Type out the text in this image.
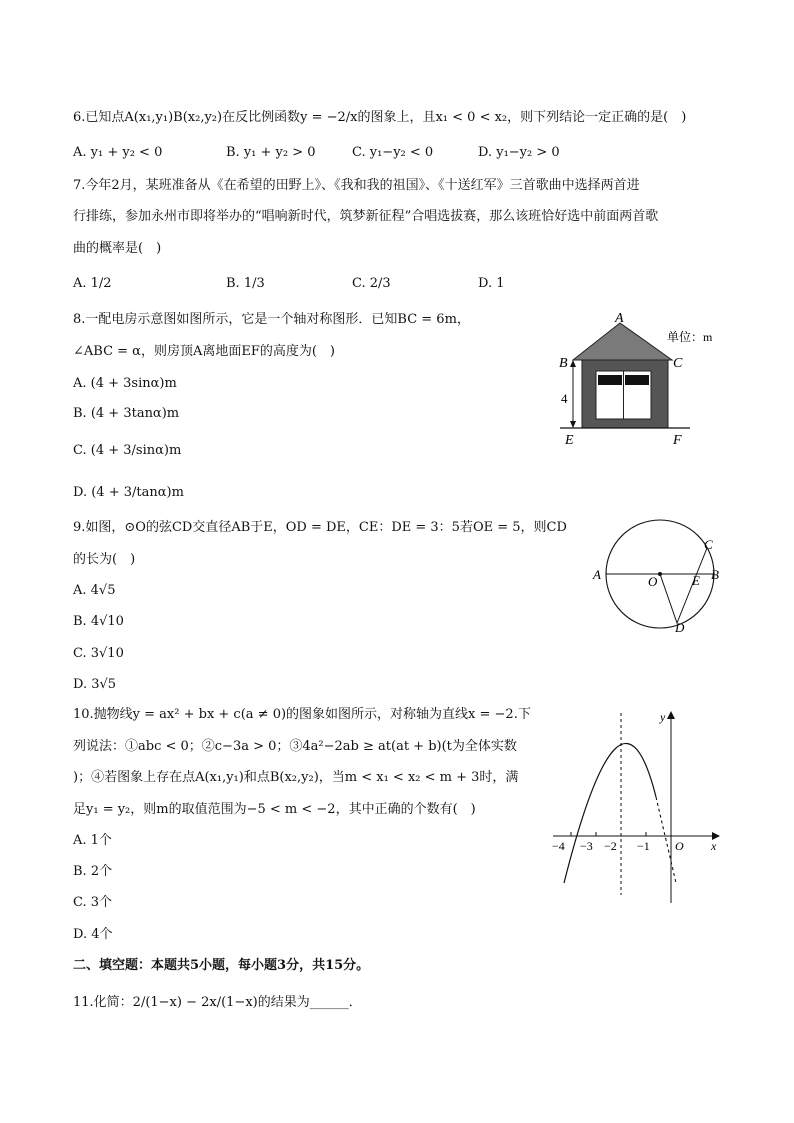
6.已知点A(x₁,y₁)B(x₂,y₂)在反比例函数y = −2/x的图象上，且x₁ < 0 < x₂，则下列结论一定正确的是(　)
A. y₁ + y₂ < 0	B. y₁ + y₂ > 0	C. y₁−y₂ < 0	D. y₁−y₂ > 0
7.今年2月，某班准备从《在希望的田野上》、《我和我的祖国》、《十送红军》三首歌曲中选择两首进
行排练，参加永州市即将举办的“唱响新时代，筑梦新征程”合唱选拔赛，那么该班恰好选中前面两首歌
曲的概率是(　)
A. 1/2	B. 1/3	C. 2/3	D. 1
8.一配电房示意图如图所示，它是一个轴对称图形．已知BC = 6m，
∠ABC = α，则房顶A离地面EF的高度为(　)
A. (4 + 3sinα)m
B. (4 + 3tanα)m
C. (4 + 3/sinα)m
D. (4 + 3/tanα)m
A
B	C
E	F
4
单位：m
9.如图，⊙O的弦CD交直径AB于E，OD = DE，CE：DE = 3：5若OE = 5，则CD
的长为(　)
A. 4√5
B. 4√10
C. 3√10
D. 3√5
A	B
C
D
E
O
10.抛物线y = ax² + bx + c(a ≠ 0)的图象如图所示，对称轴为直线x = −2.下
列说法：①abc < 0；②c−3a > 0；③4a²−2ab ≥ at(at + b)(t为全体实数
)；④若图象上存在点A(x₁,y₁)和点B(x₂,y₂)，当m < x₁ < x₂ < m + 3时，满
足y₁ = y₂，则m的取值范围为−5 < m < −2，其中正确的个数有(　)
A. 1个
B. 2个
C. 3个
D. 4个
−4 −3 −2 −1 O x
y
二、填空题：本题共5小题，每小题3分，共15分。
11.化简：2/(1−x) − 2x/(1−x)的结果为______．
